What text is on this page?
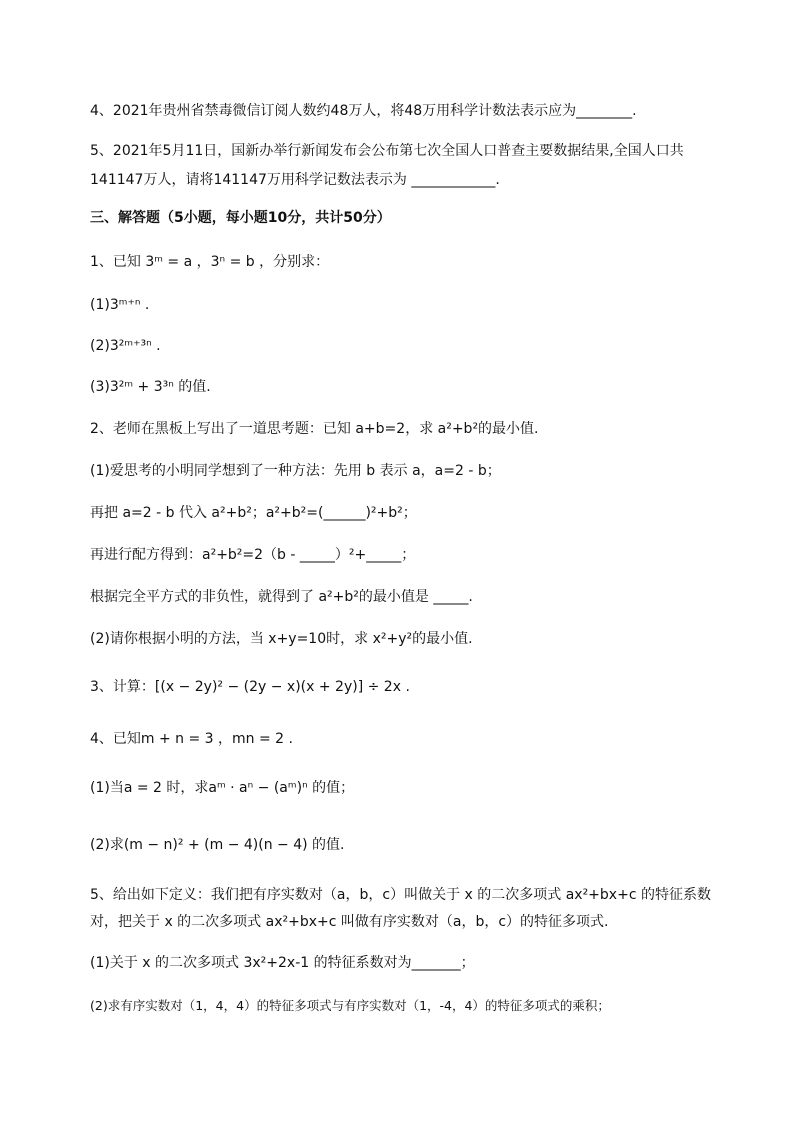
4、2021年贵州省禁毒微信订阅人数约48万人，将48万用科学计数法表示应为________.
5、2021年5月11日，国新办举行新闻发布会公布第七次全国人口普查主要数据结果,全国人口共
141147万人，请将141147万用科学记数法表示为 ____________.
三、解答题（5小题，每小题10分，共计50分）
1、已知 3ᵐ = a ，3ⁿ = b ，分别求：
(1)3ᵐ⁺ⁿ .
(2)3²ᵐ⁺³ⁿ .
(3)3²ᵐ + 3³ⁿ 的值.
2、老师在黑板上写出了一道思考题：已知 a+b=2，求 a²+b²的最小值.
(1)爱思考的小明同学想到了一种方法：先用 b 表示 a，a=2 - b；
再把 a=2 - b 代入 a²+b²；a²+b²=(______)²+b²；
再进行配方得到：a²+b²=2（b - _____）²+_____；
根据完全平方式的非负性，就得到了 a²+b²的最小值是 _____.
(2)请你根据小明的方法，当 x+y=10时，求 x²+y²的最小值.
3、计算：[(x − 2y)² − (2y − x)(x + 2y)] ÷ 2x .
4、已知m + n = 3 ，mn = 2 .
(1)当a = 2 时，求aᵐ · aⁿ − (aᵐ)ⁿ 的值；
(2)求(m − n)² + (m − 4)(n − 4) 的值.
5、给出如下定义：我们把有序实数对（a，b，c）叫做关于 x 的二次多项式 ax²+bx+c 的特征系数
对，把关于 x 的二次多项式 ax²+bx+c 叫做有序实数对（a，b，c）的特征多项式.
(1)关于 x 的二次多项式 3x²+2x-1 的特征系数对为_______；
(2)求有序实数对（1，4，4）的特征多项式与有序实数对（1，-4，4）的特征多项式的乘积；
